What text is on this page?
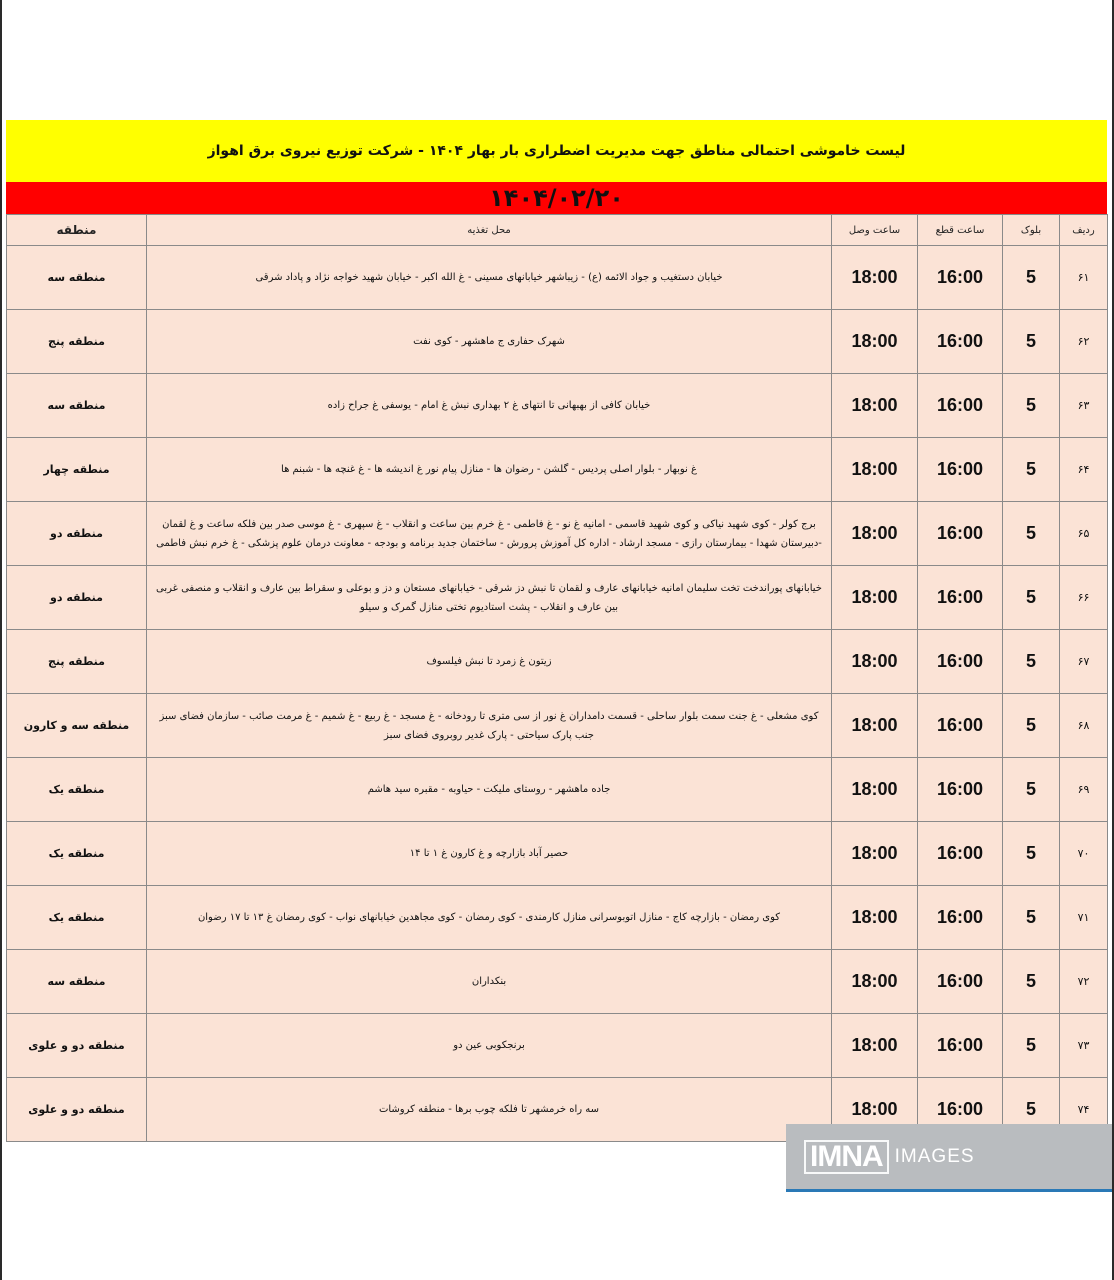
لیست خاموشی احتمالی مناطق جهت مدیریت اضطراری بار بهار ۱۴۰۴ - شرکت توزیع نیروی برق اهواز
۱۴۰۴/۰۲/۲۰
ردیف	بلوک	ساعت قطع	ساعت وصل	محل تغذیه	منطقه
۶۱	5	16:00	18:00	خیابان دستغیب و جواد الائمه (ع) - زیباشهر خیابانهای مسینی - غ الله اکبر - خیابان شهید خواجه نژاد و پاداد شرقی	منطقه سه
۶۲	5	16:00	18:00	شهرک حفاری ج ماهشهر - کوی نفت	منطقه پنج
۶۳	5	16:00	18:00	خیابان کافی از بهبهانی تا انتهای غ ۲ بهداری نبش غ امام - یوسفی غ جراح زاده	منطقه سه
۶۴	5	16:00	18:00	غ نوبهار - بلوار اصلی پردیس - گلشن - رضوان ها - منازل پیام نور غ اندیشه ها - غ غنچه ها - شبنم ها	منطقه چهار
۶۵	5	16:00	18:00	برج کولر - کوی شهید نیاکی و کوی شهید قاسمی - امانیه غ نو - غ فاطمی - غ خرم بین ساعت و انقلاب - غ سپهری - غ موسی صدر بین فلکه ساعت و غ لقمان -دبیرستان شهدا - بیمارستان رازی - مسجد ارشاد - اداره کل آموزش پرورش - ساختمان جدید برنامه و بودجه - معاونت درمان علوم پزشکی - غ خرم نبش فاطمی	منطقه دو
۶۶	5	16:00	18:00	خیابانهای پوراندخت تخت سلیمان امانیه خیابانهای عارف و لقمان تا نبش دز شرقی - خیابانهای مستعان و دز و بوعلی و سقراط بین عارف و انقلاب و منصفی غربی بین عارف و انقلاب - پشت استادیوم تختی منازل گمرک و سیلو	منطقه دو
۶۷	5	16:00	18:00	زیتون غ زمرد تا نبش فیلسوف	منطقه پنج
۶۸	5	16:00	18:00	کوی مشعلی - غ جنت سمت بلوار ساحلی - قسمت دامداران غ نور از سی متری تا رودخانه - غ مسجد - غ ربیع - غ شمیم - غ مرمت صائب - سازمان فضای سبز جنب پارک سیاحتی - پارک غدیر روبروی فضای سبز	منطقه سه و کارون
۶۹	5	16:00	18:00	جاده ماهشهر - روستای ملیکت - حیاوبه - مقبره سید هاشم	منطقه یک
۷۰	5	16:00	18:00	حصیر آباد بازارچه و غ کارون غ ۱ تا ۱۴	منطقه یک
۷۱	5	16:00	18:00	کوی رمضان - بازارچه کاج - منازل اتوبوسرانی منازل کارمندی - کوی رمضان - کوی مجاهدین خیابانهای نواب - کوی رمضان غ ۱۳ تا ۱۷ رضوان	منطقه یک
۷۲	5	16:00	18:00	بنکداران	منطقه سه
۷۳	5	16:00	18:00	برنجکوبی عین دو	منطقه دو و علوی
۷۴	5	16:00	18:00	سه راه خرمشهر تا فلکه چوب برها - منطقه کروشات	منطقه دو و علوی
IMNA IMAGES
